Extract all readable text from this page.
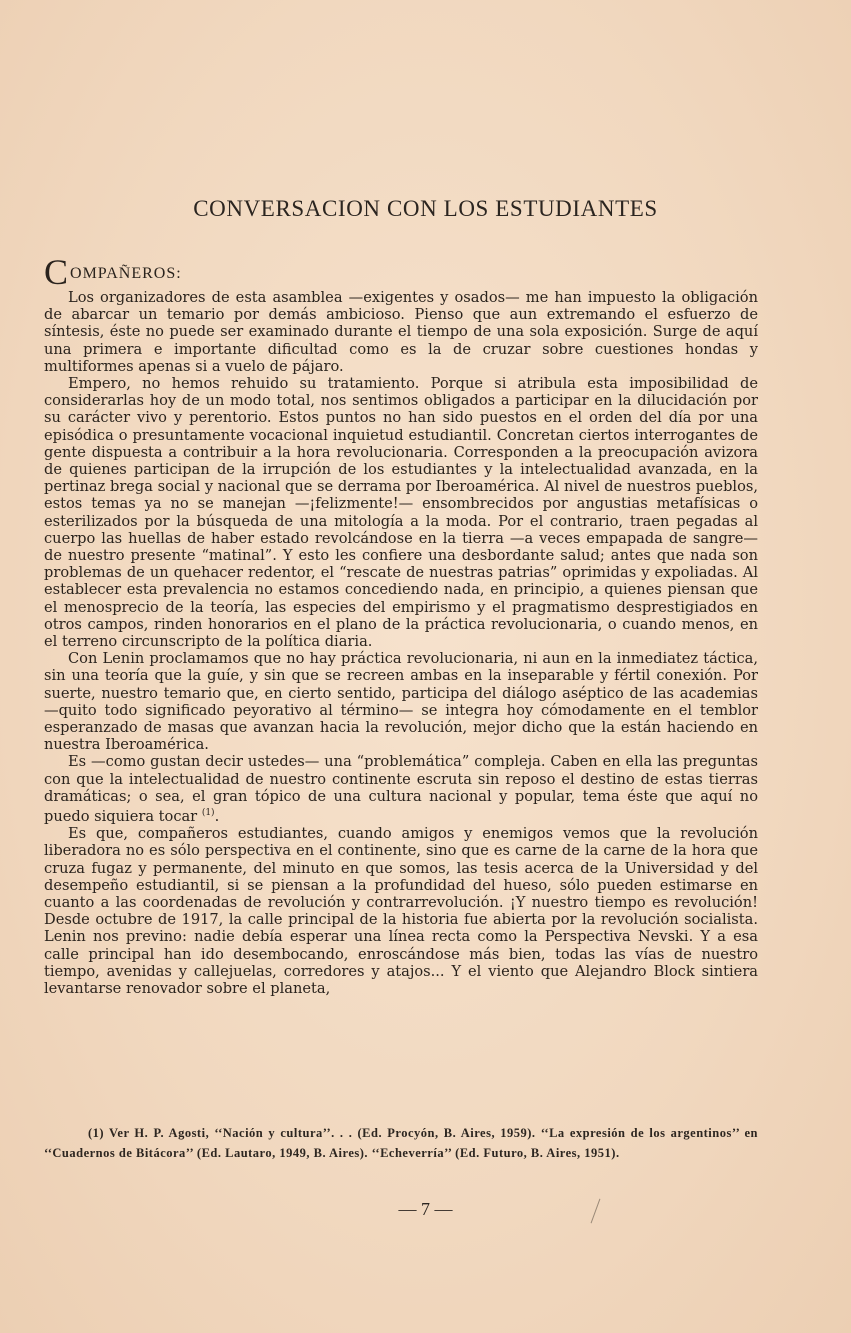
CONVERSACION CON LOS ESTUDIANTES
COMPAÑEROS:

Los organizadores de esta asamblea —exigentes y osados— me han impuesto la obligación de abarcar un temario por demás ambicioso. Pienso que aun extremando el esfuerzo de síntesis, éste no puede ser examinado durante el tiempo de una sola exposición. Surge de aquí una primera e importante dificultad como es la de cruzar sobre cuestiones hondas y multiformes apenas si a vuelo de pájaro.

Empero, no hemos rehuido su tratamiento. Porque si atribula esta imposibilidad de considerarlas hoy de un modo total, nos sentimos obligados a participar en la dilucidación por su carácter vivo y perentorio. Estos puntos no han sido puestos en el orden del día por una episódica o presuntamente vocacional inquietud estudiantil. Concretan ciertos interrogantes de gente dispuesta a contribuir a la hora revolucionaria. Corresponden a la preocupación avizora de quienes participan de la irrupción de los estudiantes y la intelectualidad avanzada, en la pertinaz brega social y nacional que se derrama por Iberoamérica. Al nivel de nuestros pueblos, estos temas ya no se manejan —¡felizmente!— ensombrecidos por angustias metafísicas o esterilizados por la búsqueda de una mitología a la moda. Por el contrario, traen pegadas al cuerpo las huellas de haber estado revolcándose en la tierra —a veces empapada de sangre— de nuestro presente “matinal”. Y esto les confiere una desbordante salud; antes que nada son problemas de un quehacer redentor, el “rescate de nuestras patrias” oprimidas y expoliadas. Al establecer esta prevalencia no estamos concediendo nada, en principio, a quienes piensan que el menosprecio de la teoría, las especies del empirismo y el pragmatismo desprestigiados en otros campos, rinden honorarios en el plano de la práctica revolucionaria, o cuando menos, en el terreno circunscripto de la política diaria.

Con Lenin proclamamos que no hay práctica revolucionaria, ni aun en la inmediatez táctica, sin una teoría que la guíe, y sin que se recreen ambas en la inseparable y fértil conexión. Por suerte, nuestro temario que, en cierto sentido, participa del diálogo aséptico de las academias —quito todo significado peyorativo al término— se integra hoy cómodamente en el temblor esperanzado de masas que avanzan hacia la revolución, mejor dicho que la están haciendo en nuestra Iberoamérica.

Es —como gustan decir ustedes— una “problemática” compleja. Caben en ella las preguntas con que la intelectualidad de nuestro continente escruta sin reposo el destino de estas tierras dramáticas; o sea, el gran tópico de una cultura nacional y popular, tema éste que aquí no puedo siquiera tocar $^{(1)}$.

Es que, compañeros estudiantes, cuando amigos y enemigos vemos que la revolución liberadora no es sólo perspectiva en el continente, sino que es carne de la carne de la hora que cruza fugaz y permanente, del minuto en que somos, las tesis acerca de la Universidad y del desempeño estudiantil, si se piensan a la profundidad del hueso, sólo pueden estimarse en cuanto a las coordenadas de revolución y contrarrevolución. ¡Y nuestro tiempo es revolución! Desde octubre de 1917, la calle principal de la historia fue abierta por la revolución socialista. Lenin nos previno: nadie debía esperar una línea recta como la Perspectiva Nevski. Y a esa calle principal han ido desembocando, enroscándose más bien, todas las vías de nuestro tiempo, avenidas y callejuelas, corredores y atajos... Y el viento que Alejandro Block sintiera levantarse renovador sobre el planeta,

(1) Ver H. P. Agosti, ‘‘Nación y cultura’’. . . (Ed. Procyón, B. Aires, 1959). ‘‘La expresión de los argentinos’’ en ‘‘Cuadernos de Bitácora’’ (Ed. Lautaro, 1949, B. Aires). ‘‘Echeverría’’ (Ed. Futuro, B. Aires, 1951).
— 7 —
